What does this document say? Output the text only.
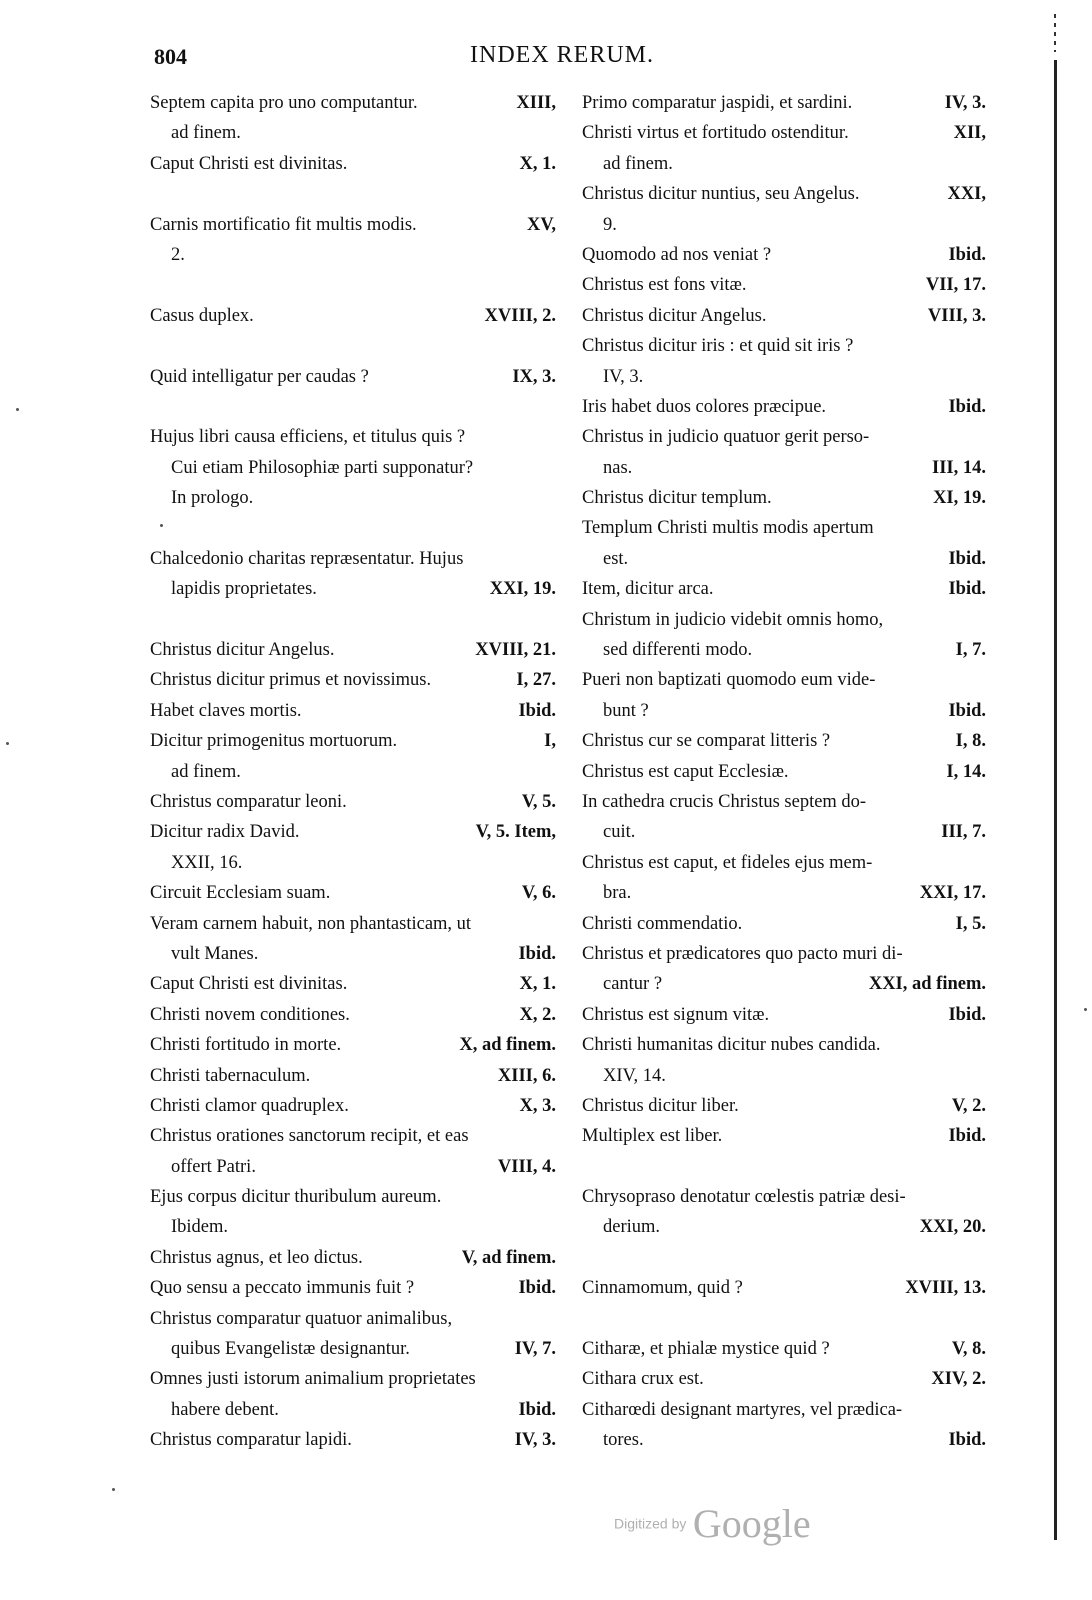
804	INDEX RERUM.
XIII,
Septem capita pro uno computantur.
ad finem.
X, 1.
Caput Christi est divinitas.
XV,
Carnis mortificatio fit multis modis.
2.
XVIII, 2.
Casus duplex.
IX, 3.
Quid intelligatur per caudas ?
Hujus libri causa efficiens, et titulus quis ?
Cui etiam Philosophiæ parti supponatur?
In prologo.
Chalcedonio charitas repræsentatur. Hujus
XXI, 19.
lapidis proprietates.
XVIII, 21.
Christus dicitur Angelus.
I, 27.
Christus dicitur primus et novissimus.
Ibid.
Habet claves mortis.
I,
Dicitur primogenitus mortuorum.
ad finem.
V, 5.
Christus comparatur leoni.
V, 5. Item,
Dicitur radix David.
XXII, 16.
V, 6.
Circuit Ecclesiam suam.
Veram carnem habuit, non phantasticam, ut
Ibid.
vult Manes.
X, 1.
Caput Christi est divinitas.
X, 2.
Christi novem conditiones.
X, ad finem.
Christi fortitudo in morte.
XIII, 6.
Christi tabernaculum.
X, 3.
Christi clamor quadruplex.
Christus orationes sanctorum recipit, et eas
VIII, 4.
offert Patri.
Ejus corpus dicitur thuribulum aureum.
Ibidem.
V, ad finem.
Christus agnus, et leo dictus.
Ibid.
Quo sensu a peccato immunis fuit ?
Christus comparatur quatuor animalibus,
IV, 7.
quibus Evangelistæ designantur.
Omnes justi istorum animalium proprietates
Ibid.
habere debent.
IV, 3.
Christus comparatur lapidi.
IV, 3.
Primo comparatur jaspidi, et sardini.
XII,
Christi virtus et fortitudo ostenditur.
ad finem.
XXI,
Christus dicitur nuntius, seu Angelus.
9.
Ibid.
Quomodo ad nos veniat ?
VII, 17.
Christus est fons vitæ.
VIII, 3.
Christus dicitur Angelus.
Christus dicitur iris : et quid sit iris ?
IV, 3.
Ibid.
Iris habet duos colores præcipue.
Christus in judicio quatuor gerit perso-
III, 14.
nas.
XI, 19.
Christus dicitur templum.
Templum Christi multis modis apertum
Ibid.
est.
Ibid.
Item, dicitur arca.
Christum in judicio videbit omnis homo,
I, 7.
sed differenti modo.
Pueri non baptizati quomodo eum vide-
Ibid.
bunt ?
I, 8.
Christus cur se comparat litteris ?
I, 14.
Christus est caput Ecclesiæ.
In cathedra crucis Christus septem do-
III, 7.
cuit.
Christus est caput, et fideles ejus mem-
XXI, 17.
bra.
I, 5.
Christi commendatio.
Christus et prædicatores quo pacto muri di-
XXI, ad finem.
cantur ?
Ibid.
Christus est signum vitæ.
Christi humanitas dicitur nubes candida.
XIV, 14.
V, 2.
Christus dicitur liber.
Ibid.
Multiplex est liber.
Chrysopraso denotatur cœlestis patriæ desi-
XXI, 20.
derium.
XVIII, 13.
Cinnamomum, quid ?
V, 8.
Citharæ, et phialæ mystice quid ?
XIV, 2.
Cithara crux est.
Citharœdi designant martyres, vel prædica-
Ibid.
tores.
Digitized by Google
